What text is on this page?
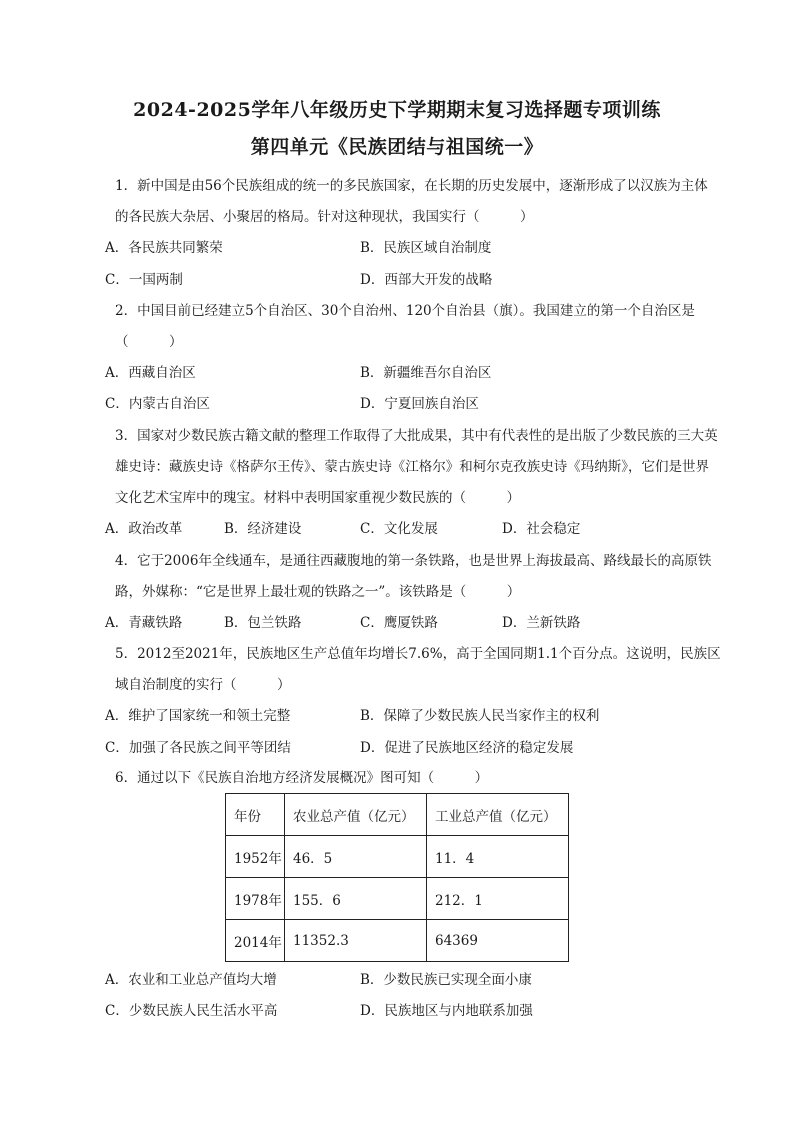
2024-2025学年八年级历史下学期期末复习选择题专项训练
第四单元《民族团结与祖国统一》
1．新中国是由56个民族组成的统一的多民族国家，在长期的历史发展中，逐渐形成了以汉族为主体
的各民族大杂居、小聚居的格局。针对这种现状，我国实行（　　　）
A．各民族共同繁荣	B．民族区域自治制度
C．一国两制	D．西部大开发的战略
2．中国目前已经建立5个自治区、30个自治州、120个自治县（旗）。我国建立的第一个自治区是
（　　　）
A．西藏自治区	B．新疆维吾尔自治区
C．内蒙古自治区	D．宁夏回族自治区
3．国家对少数民族古籍文献的整理工作取得了大批成果，其中有代表性的是出版了少数民族的三大英
雄史诗：藏族史诗《格萨尔王传》、蒙古族史诗《江格尔》和柯尔克孜族史诗《玛纳斯》，它们是世界
文化艺术宝库中的瑰宝。材料中表明国家重视少数民族的（　　　）
A．政治改革	B．经济建设	C．文化发展	D．社会稳定
4．它于2006年全线通车，是通往西藏腹地的第一条铁路，也是世界上海拔最高、路线最长的高原铁
路，外媒称：“它是世界上最壮观的铁路之一”。该铁路是（　　　）
A．青藏铁路	B．包兰铁路	C．鹰厦铁路	D．兰新铁路
5．2012至2021年，民族地区生产总值年均增长7.6%，高于全国同期1.1个百分点。这说明，民族区
域自治制度的实行（　　　）
A．维护了国家统一和领土完整	B．保障了少数民族人民当家作主的权利
C．加强了各民族之间平等团结	D．促进了民族地区经济的稳定发展
6．通过以下《民族自治地方经济发展概况》图可知（　　　）
年份	农业总产值（亿元）	工业总产值（亿元）
1952年	46．5	11．4
1978年	155．6	212．1
2014年	11352.3	64369
A．农业和工业总产值均大增	B．少数民族已实现全面小康
C．少数民族人民生活水平高	D．民族地区与内地联系加强
